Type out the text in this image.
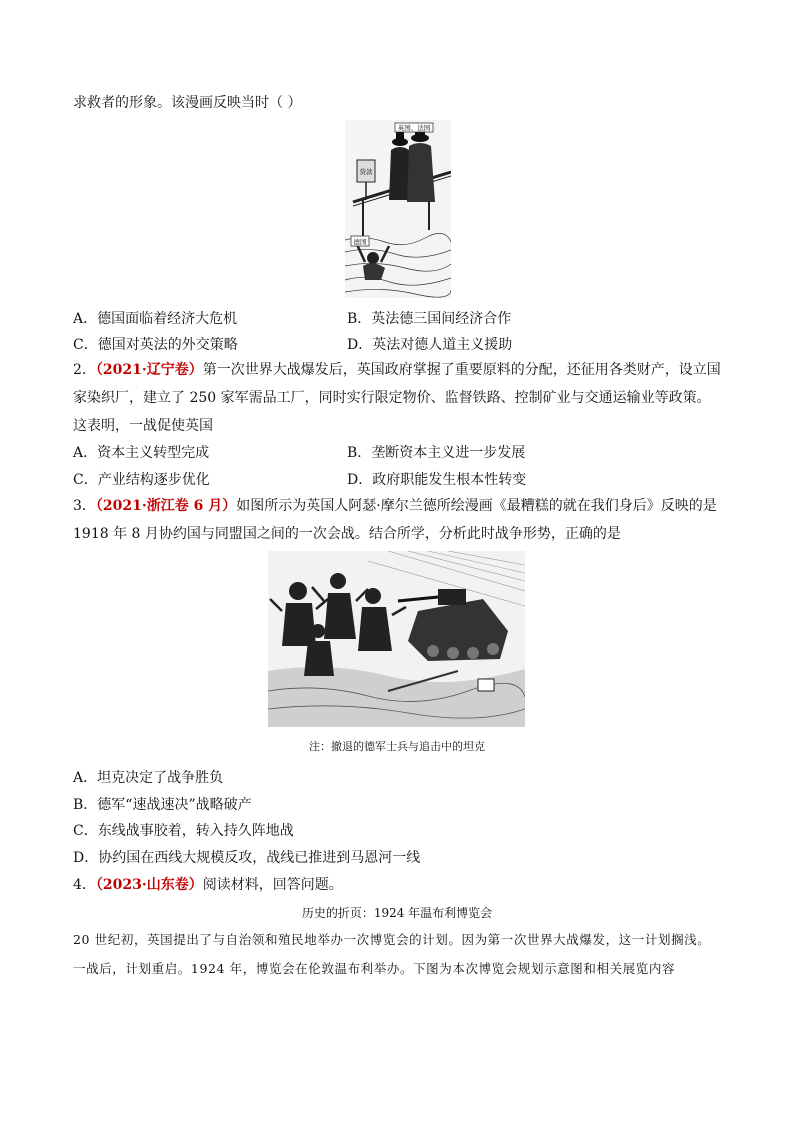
求救者的形象。该漫画反映当时（ ）
英国、法国
贷款
德国
A．德国面临着经济大危机	B．英法德三国间经济合作
C．德国对英法的外交策略	D．英法对德人道主义援助
2．（2021·辽宁卷）第一次世界大战爆发后，英国政府掌握了重要原料的分配，还征用各类财产，设立国家染织厂，建立了 250 家军需品工厂，同时实行限定物价、监督铁路、控制矿业与交通运输业等政策。这表明，一战促使英国
A．资本主义转型完成	B．垄断资本主义进一步发展
C．产业结构逐步优化	D．政府职能发生根本性转变
3．（2021·浙江卷 6 月）如图所示为英国人阿瑟·摩尔兰德所绘漫画《最糟糕的就在我们身后》反映的是 1918 年 8 月协约国与同盟国之间的一次会战。结合所学，分析此时战争形势，正确的是
注：撤退的德军士兵与追击中的坦克
A．坦克决定了战争胜负
B．德军“速战速决”战略破产
C．东线战事胶着，转入持久阵地战
D．协约国在西线大规模反攻，战线已推进到马恩河一线
4．（2023·山东卷）阅读材料，回答问题。
历史的折页：1924 年温布利博览会
20 世纪初，英国提出了与自治领和殖民地举办一次博览会的计划。因为第一次世界大战爆发，这一计划搁浅。一战后，计划重启。1924 年，博览会在伦敦温布利举办。下图为本次博览会规划示意图和相关展览内容
